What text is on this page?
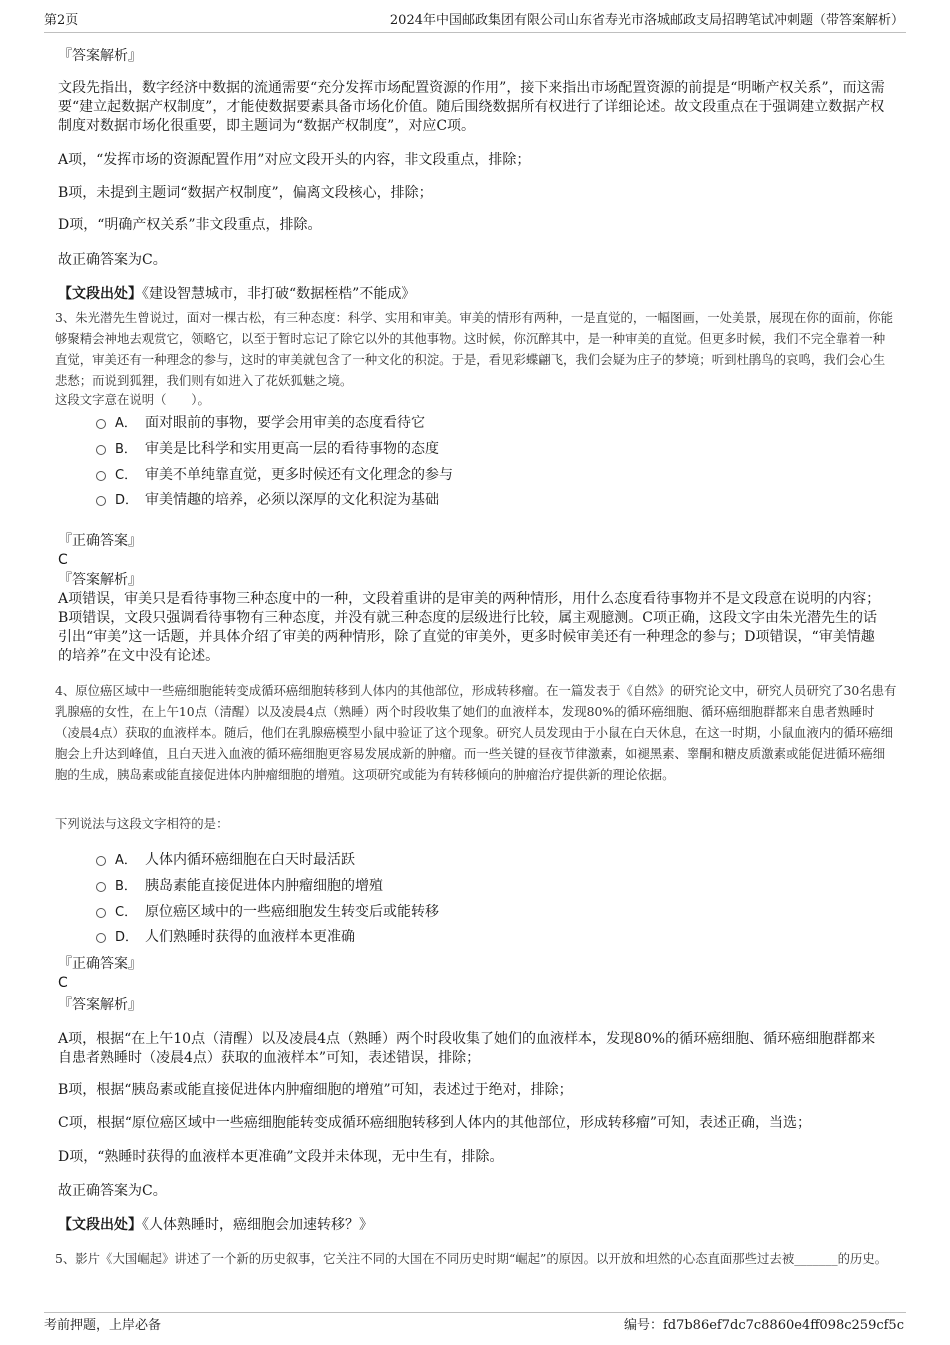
第2页	2024年中国邮政集团有限公司山东省寿光市洛城邮政支局招聘笔试冲刺题（带答案解析）

『答案解析』

文段先指出，数字经济中数据的流通需要“充分发挥市场配置资源的作用”，接下来指出市场配置资源的前提是“明晰产权关系”，而这需要“建立起数据产权制度”，才能使数据要素具备市场化价值。随后围绕数据所有权进行了详细论述。故文段重点在于强调建立数据产权制度对数据市场化很重要，即主题词为“数据产权制度”，对应C项。

A项，“发挥市场的资源配置作用”对应文段开头的内容，非文段重点，排除；

B项，未提到主题词“数据产权制度”，偏离文段核心，排除；

D项，“明确产权关系”非文段重点，排除。

故正确答案为C。

【文段出处】《建设智慧城市，非打破“数据桎梏”不能成》

3、朱光潜先生曾说过，面对一棵古松，有三种态度：科学、实用和审美。审美的情形有两种，一是直觉的，一幅图画，一处美景，展现在你的面前，你能够聚精会神地去观赏它，领略它，以至于暂时忘记了除它以外的其他事物。这时候，你沉醉其中，是一种审美的直觉。但更多时候，我们不完全靠着一种直觉，审美还有一种理念的参与，这时的审美就包含了一种文化的积淀。于是，看见彩蝶翩飞，我们会疑为庄子的梦境；听到杜鹃鸟的哀鸣，我们会心生悲愁；而说到狐狸，我们则有如进入了花妖狐魅之境。

这段文字意在说明（　　）。

A． 面对眼前的事物，要学会用审美的态度看待它
B． 审美是比科学和实用更高一层的看待事物的态度
C． 审美不单纯靠直觉，更多时候还有文化理念的参与
D． 审美情趣的培养，必须以深厚的文化积淀为基础

『正确答案』

C

『答案解析』

A项错误，审美只是看待事物三种态度中的一种，文段着重讲的是审美的两种情形，用什么态度看待事物并不是文段意在说明的内容；B项错误，文段只强调看待事物有三种态度，并没有就三种态度的层级进行比较，属主观臆测。C项正确，这段文字由朱光潜先生的话引出“审美”这一话题，并具体介绍了审美的两种情形，除了直觉的审美外，更多时候审美还有一种理念的参与；D项错误，“审美情趣的培养”在文中没有论述。

4、原位癌区域中一些癌细胞能转变成循环癌细胞转移到人体内的其他部位，形成转移瘤。在一篇发表于《自然》的研究论文中，研究人员研究了30名患有乳腺癌的女性，在上午10点（清醒）以及凌晨4点（熟睡）两个时段收集了她们的血液样本，发现80%的循环癌细胞、循环癌细胞群都来自患者熟睡时（凌晨4点）获取的血液样本。随后，他们在乳腺癌模型小鼠中验证了这个现象。研究人员发现由于小鼠在白天休息，在这一时期，小鼠血液内的循环癌细胞会上升达到峰值，且白天进入血液的循环癌细胞更容易发展成新的肿瘤。而一些关键的昼夜节律激素，如褪黑素、睾酮和糖皮质激素或能促进循环癌细胞的生成，胰岛素或能直接促进体内肿瘤细胞的增殖。这项研究或能为有转移倾向的肿瘤治疗提供新的理论依据。

下列说法与这段文字相符的是：

A． 人体内循环癌细胞在白天时最活跃
B． 胰岛素能直接促进体内肿瘤细胞的增殖
C． 原位癌区域中的一些癌细胞发生转变后或能转移
D． 人们熟睡时获得的血液样本更准确

『正确答案』

C

『答案解析』

A项，根据“在上午10点（清醒）以及凌晨4点（熟睡）两个时段收集了她们的血液样本，发现80%的循环癌细胞、循环癌细胞群都来自患者熟睡时（凌晨4点）获取的血液样本”可知，表述错误，排除；

B项，根据“胰岛素或能直接促进体内肿瘤细胞的增殖”可知，表述过于绝对，排除；

C项，根据“原位癌区域中一些癌细胞能转变成循环癌细胞转移到人体内的其他部位，形成转移瘤”可知，表述正确，当选；

D项，“熟睡时获得的血液样本更准确”文段并未体现，无中生有，排除。

故正确答案为C。

【文段出处】《人体熟睡时，癌细胞会加速转移？》

5、影片《大国崛起》讲述了一个新的历史叙事，它关注不同的大国在不同历史时期“崛起”的原因。以开放和坦然的心态直面那些过去被_______的历史。

考前押题，上岸必备	编号：fd7b86ef7dc7c8860e4ff098c259cf5c
